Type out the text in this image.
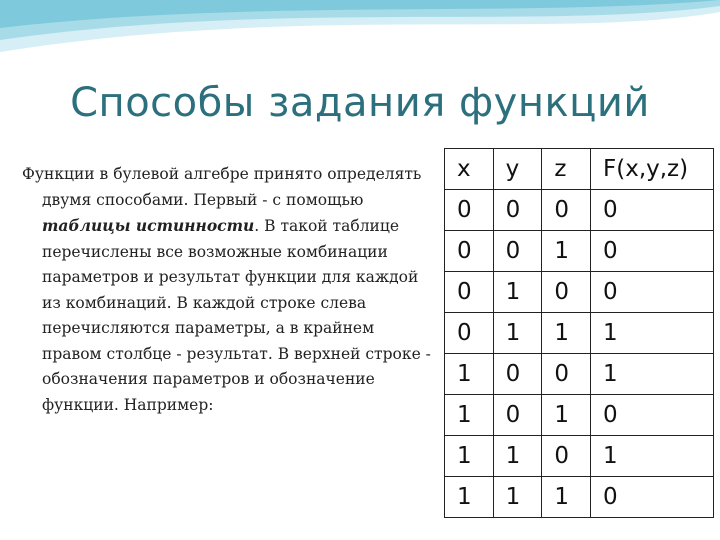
Способы задания функций

Функции в булевой алгебре принято определять двумя способами. Первый - с помощью таблицы истинности. В такой таблице перечислены все возможные комбинации параметров и результат функции для каждой из комбинаций. В каждой строке слева перечисляются параметры, а в крайнем правом столбце - результат. В верхней строке - обозначения параметров и обозначение функции. Например:

x	y	z	F(x,y,z)
0	0	0	0
0	0	1	0
0	1	0	0
0	1	1	1
1	0	0	1
1	0	1	0
1	1	0	1
1	1	1	0
